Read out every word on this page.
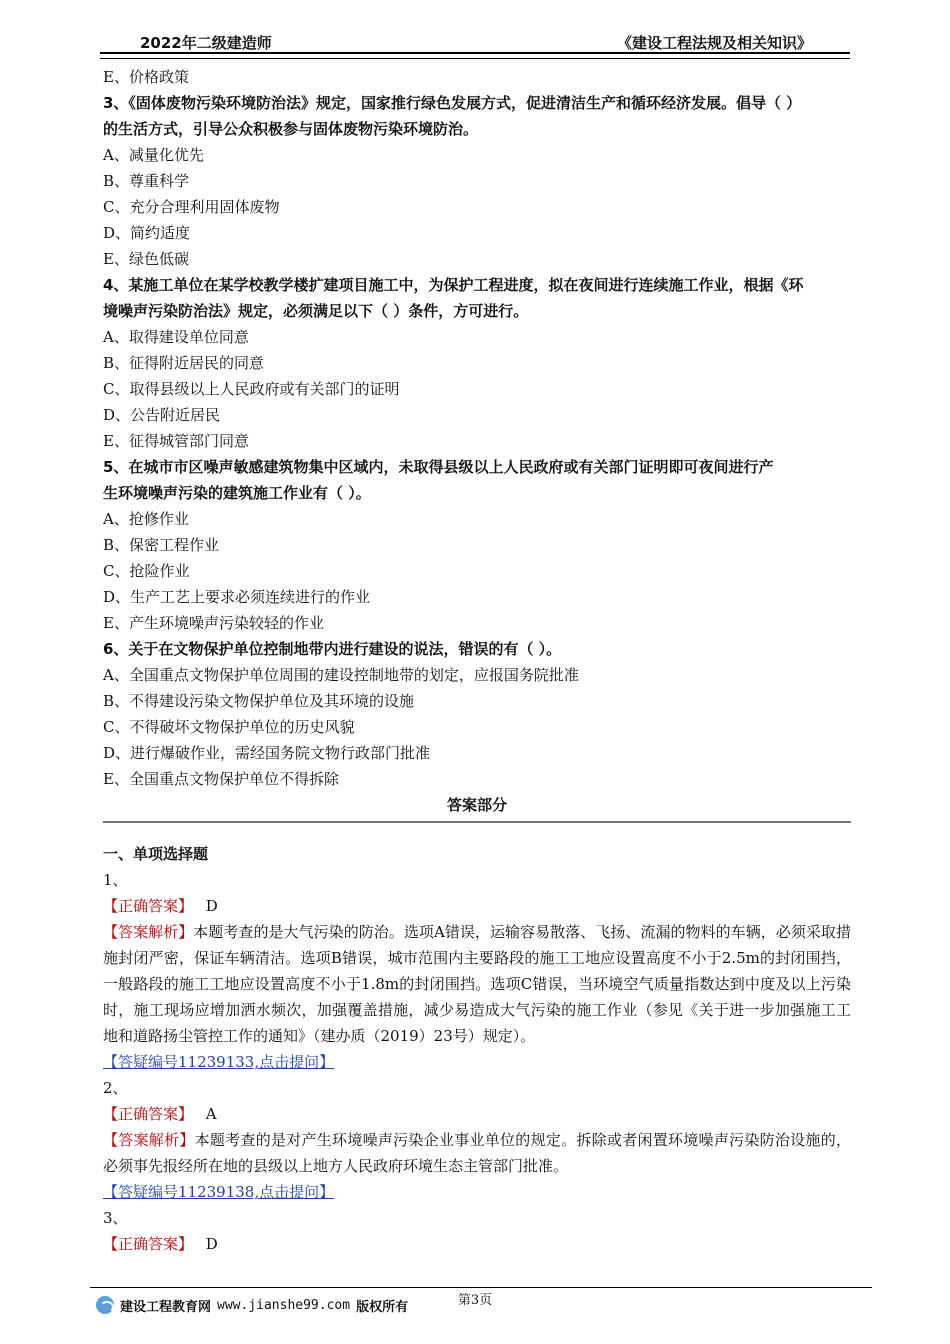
2022年二级建造师	《建设工程法规及相关知识》
E、价格政策
3、《固体废物污染环境防治法》规定，国家推行绿色发展方式，促进清洁生产和循环经济发展。倡导（ ）
的生活方式，引导公众积极参与固体废物污染环境防治。
A、减量化优先
B、尊重科学
C、充分合理利用固体废物
D、简约适度
E、绿色低碳
4、某施工单位在某学校教学楼扩建项目施工中，为保护工程进度，拟在夜间进行连续施工作业，根据《环
境噪声污染防治法》规定，必须满足以下（ ）条件，方可进行。
A、取得建设单位同意
B、征得附近居民的同意
C、取得县级以上人民政府或有关部门的证明
D、公告附近居民
E、征得城管部门同意
5、在城市市区噪声敏感建筑物集中区域内，未取得县级以上人民政府或有关部门证明即可夜间进行产
生环境噪声污染的建筑施工作业有（ ）。
A、抢修作业
B、保密工程作业
C、抢险作业
D、生产工艺上要求必须连续进行的作业
E、产生环境噪声污染较轻的作业
6、关于在文物保护单位控制地带内进行建设的说法，错误的有（ ）。
A、全国重点文物保护单位周围的建设控制地带的划定，应报国务院批准
B、不得建设污染文物保护单位及其环境的设施
C、不得破坏文物保护单位的历史风貌
D、进行爆破作业，需经国务院文物行政部门批准
E、全国重点文物保护单位不得拆除
答案部分
一、单项选择题
1、
【正确答案】 D
【答案解析】本题考查的是大气污染的防治。选项A错误，运输容易散落、飞扬、流漏的物料的车辆，必须采取措施封闭严密，保证车辆清洁。选项B错误，城市范围内主要路段的施工工地应设置高度不小于2.5m的封闭围挡，一般路段的施工工地应设置高度不小于1.8m的封闭围挡。选项C错误，当环境空气质量指数达到中度及以上污染时，施工现场应增加洒水频次，加强覆盖措施，减少易造成大气污染的施工作业（参见《关于进一步加强施工工地和道路扬尘管控工作的通知》（建办质（2019）23号）规定）。
【答疑编号11239133,点击提问】
2、
【正确答案】 A
【答案解析】本题考查的是对产生环境噪声污染企业事业单位的规定。拆除或者闲置环境噪声污染防治设施的，必须事先报经所在地的县级以上地方人民政府环境生态主管部门批准。
【答疑编号11239138,点击提问】
3、
【正确答案】 D
第3页
建设工程教育网 www.jianshe99.com 版权所有
